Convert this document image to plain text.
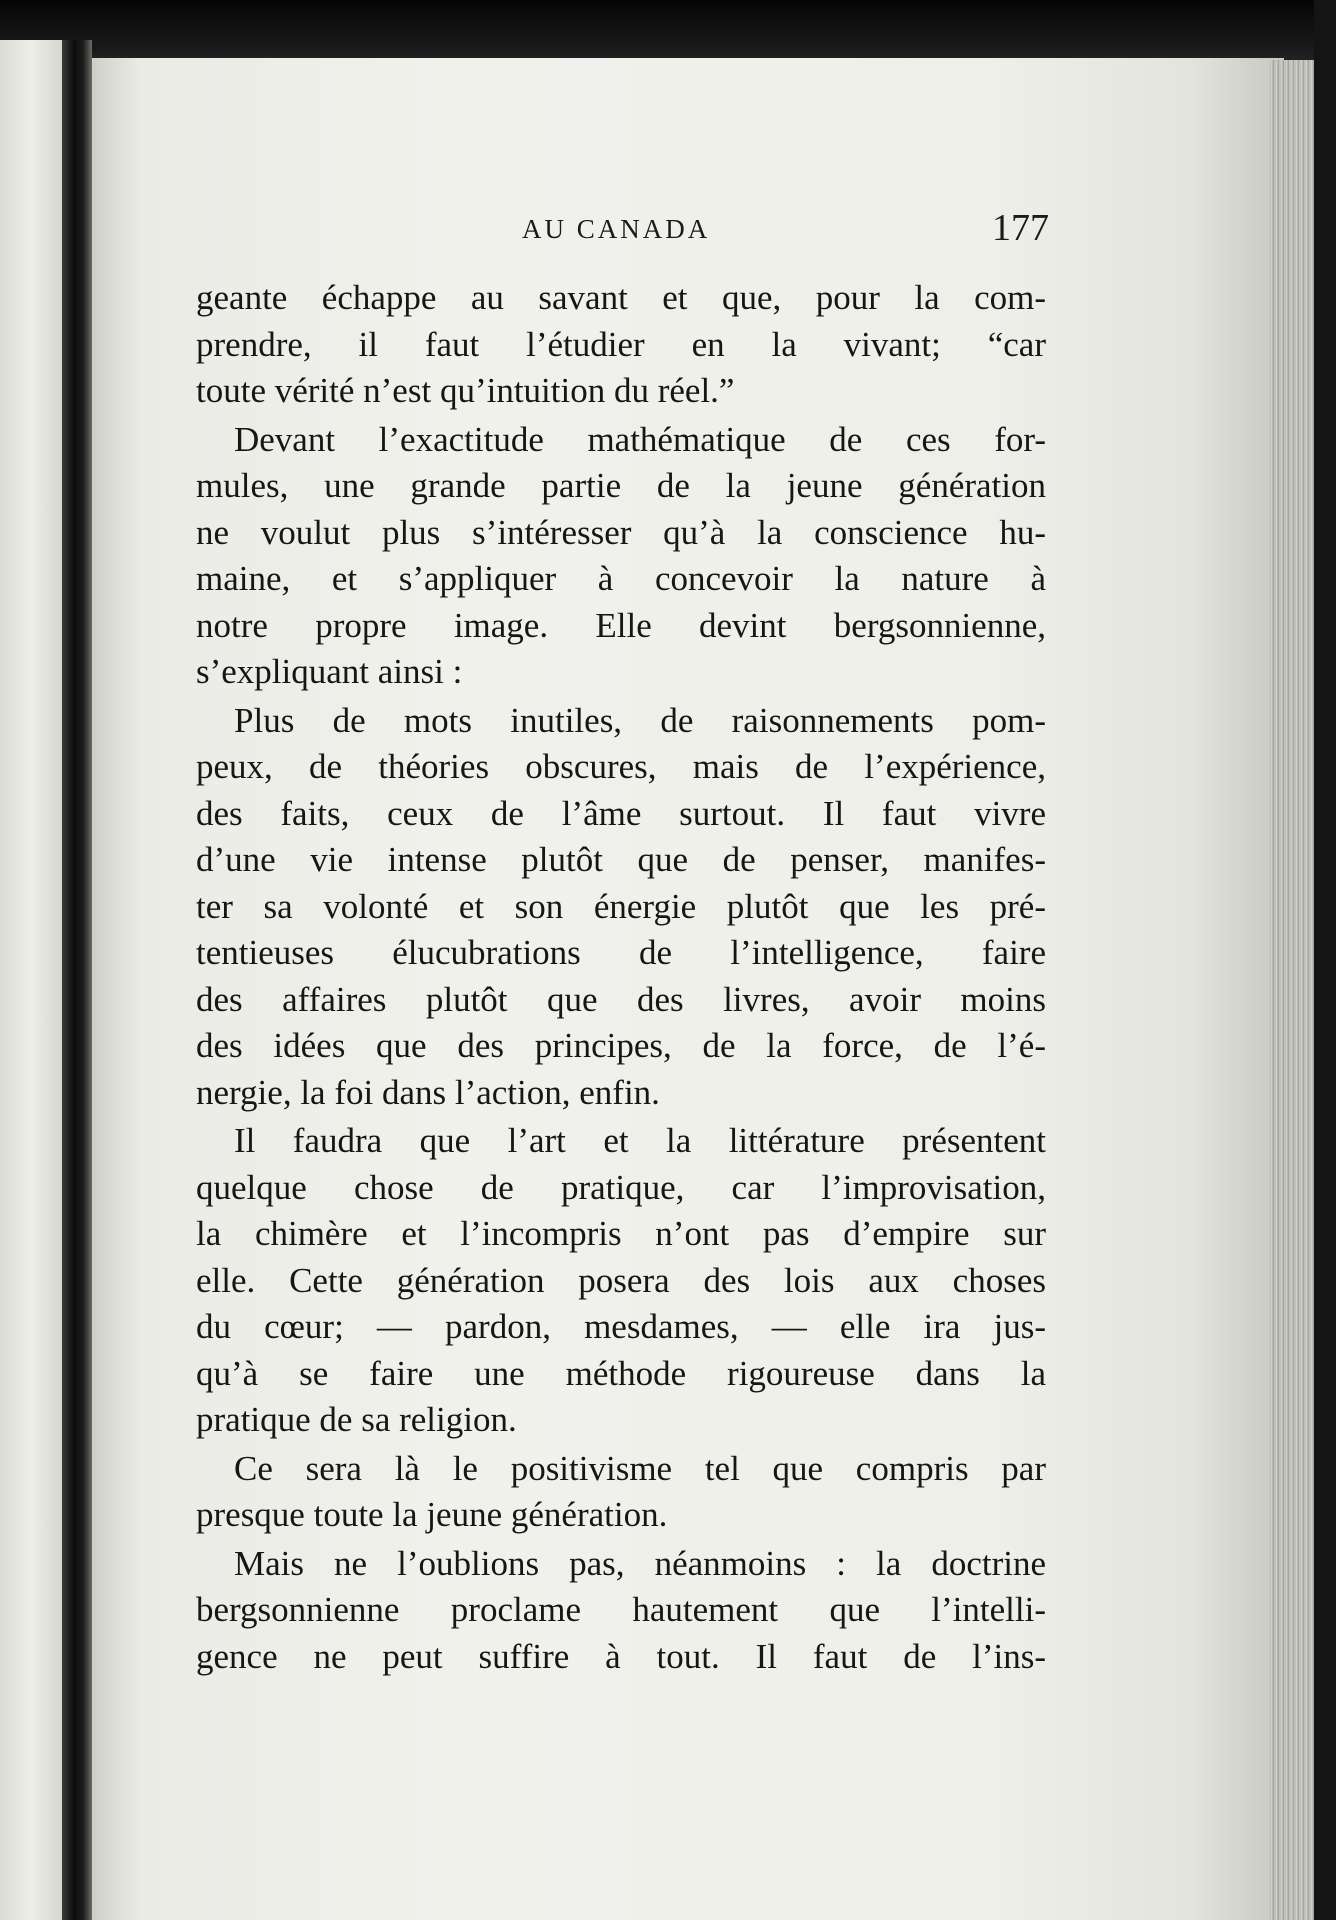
AU CANADA	177
geante échappe au savant et que, pour la com-
prendre, il faut l’étudier en la vivant; “car
toute vérité n’est qu’intuition du réel.”
Devant l’exactitude mathématique de ces for-
mules, une grande partie de la jeune génération
ne voulut plus s’intéresser qu’à la conscience hu-
maine, et s’appliquer à concevoir la nature à
notre propre image. Elle devint bergsonnienne,
s’expliquant ainsi :
Plus de mots inutiles, de raisonnements pom-
peux, de théories obscures, mais de l’expérience,
des faits, ceux de l’âme surtout. Il faut vivre
d’une vie intense plutôt que de penser, manifes-
ter sa volonté et son énergie plutôt que les pré-
tentieuses élucubrations de l’intelligence, faire
des affaires plutôt que des livres, avoir moins
des idées que des principes, de la force, de l’é-
nergie, la foi dans l’action, enfin.
Il faudra que l’art et la littérature présentent
quelque chose de pratique, car l’improvisation,
la chimère et l’incompris n’ont pas d’empire sur
elle. Cette génération posera des lois aux choses
du cœur; — pardon, mesdames, — elle ira jus-
qu’à se faire une méthode rigoureuse dans la
pratique de sa religion.
Ce sera là le positivisme tel que compris par
presque toute la jeune génération.
Mais ne l’oublions pas, néanmoins : la doctrine
bergsonnienne proclame hautement que l’intelli-
gence ne peut suffire à tout. Il faut de l’ins-
